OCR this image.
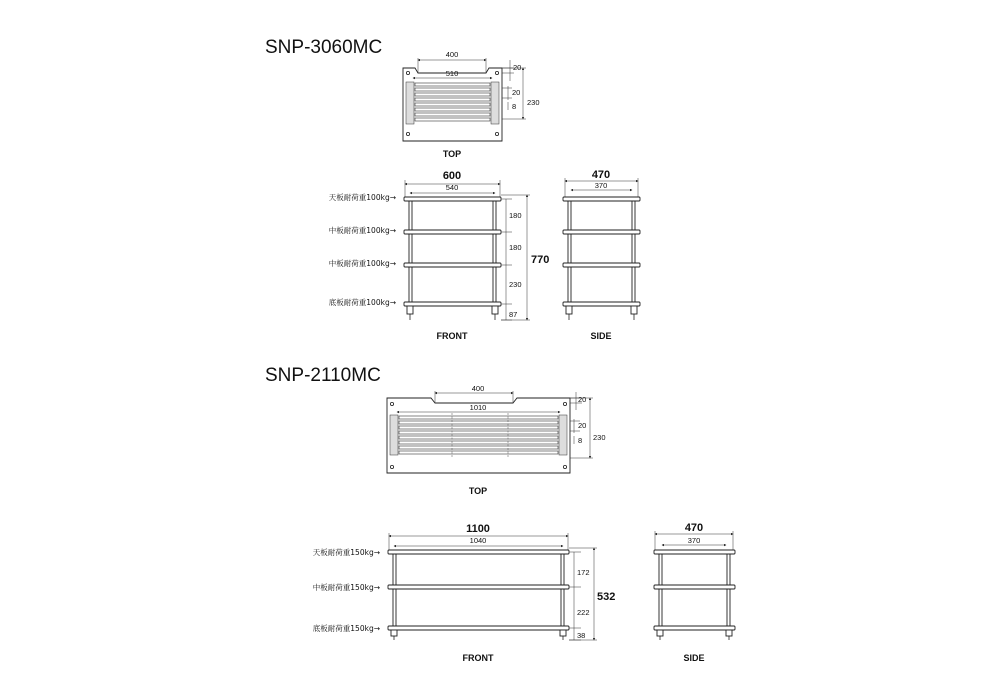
SNP-3060MC	400
510
20
20
8 230
TOP
600
540
天板耐荷重100kg→
中板耐荷重100kg→
中板耐荷重100kg→
底板耐荷重100kg→
180
180
230
87
770
FRONT
470
370
SIDE
SNP-2110MC
400
1010
20
20
8 230
TOP
1100
1040
天板耐荷重150kg→
中板耐荷重150kg→
底板耐荷重150kg→
172
222
38
532
FRONT
470
370
SIDE
